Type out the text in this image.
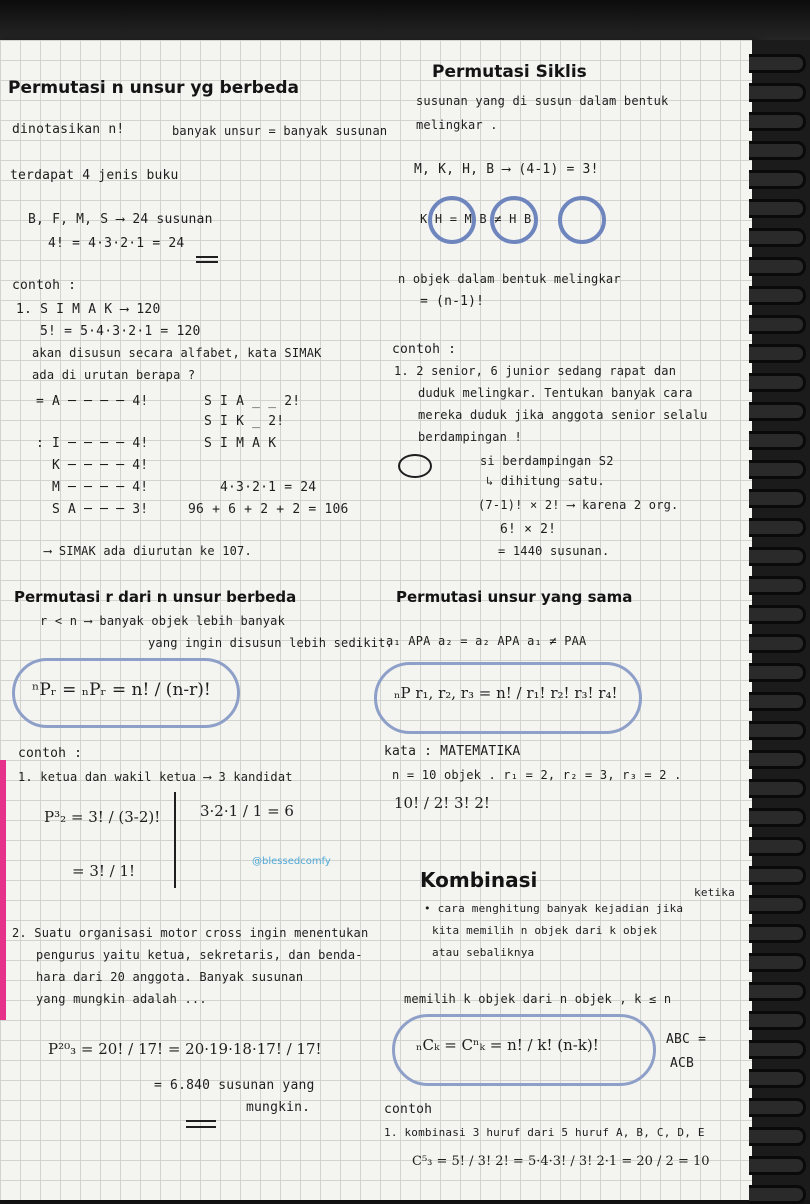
Permutasi n unsur yg berbeda
dinotasikan n!	banyak unsur = banyak susunan
terdapat 4 jenis buku
B, F, M, S ⟶ 24 susunan
4! = 4·3·2·1 = 24
contoh :
1. S I M A K ⟶ 120
5! = 5·4·3·2·1 = 120
akan disusun secara alfabet, kata SIMAK
ada di urutan berapa ?
= A ─ ─ ─ ─ 4!	S I A _ _ 2!
S I K _ 2!
: I ─ ─ ─ ─ 4!	S I M A K
K ─ ─ ─ ─ 4!
M ─ ─ ─ ─ 4!	4·3·2·1 = 24
S A ─ ─ ─ 3!	96 + 6 + 2 + 2 = 106
⟶ SIMAK ada diurutan ke 107.
Permutasi r dari n unsur berbeda
r < n ⟶ banyak objek lebih banyak
yang ingin disusun lebih sedikit.
ⁿPᵣ = ₙPᵣ = n! / (n-r)!
contoh :
1. ketua dan wakil ketua ⟶ 3 kandidat
P³₂ = 3! / (3-2)!	3·2·1 / 1 = 6
= 3! / 1!
@blessedcomfy
2. Suatu organisasi motor cross ingin menentukan
pengurus yaitu ketua, sekretaris, dan benda-
hara dari 20 anggota. Banyak susunan
yang mungkin adalah ...
P²⁰₃ = 20! / 17! = 20·19·18·17! / 17!
= 6.840 susunan yang
mungkin.
Permutasi Siklis
susunan yang di susun dalam bentuk
melingkar .
M, K, H, B ⟶ (4-1) = 3!
K H = M B ≠ H B
n objek dalam bentuk melingkar
= (n-1)!
contoh :
1. 2 senior, 6 junior sedang rapat dan
duduk melingkar. Tentukan banyak cara
mereka duduk jika anggota senior selalu
berdampingan !
si berdampingan S2
↳ dihitung satu.
(7-1)! × 2! ⟶ karena 2 org.
6! × 2!
= 1440 susunan.
Permutasi unsur yang sama
a₁ APA a₂ = a₂ APA a₁ ≠ PAA
ₙP r₁, r₂, r₃ = n! / r₁! r₂! r₃! r₄!
kata : MATEMATIKA
n = 10 objek . r₁ = 2, r₂ = 3, r₃ = 2 .
10! / 2! 3! 2!
Kombinasi
ketika
• cara menghitung banyak kejadian jika
kita memilih n objek dari k objek
atau sebaliknya
memilih k objek dari n objek , k ≤ n
ₙCₖ = Cⁿₖ = n! / k! (n-k)!	ABC =
ACB
contoh
1. kombinasi 3 huruf dari 5 huruf A, B, C, D, E
C⁵₃ = 5! / 3! 2! = 5·4·3! / 3! 2·1 = 20 / 2 = 10
